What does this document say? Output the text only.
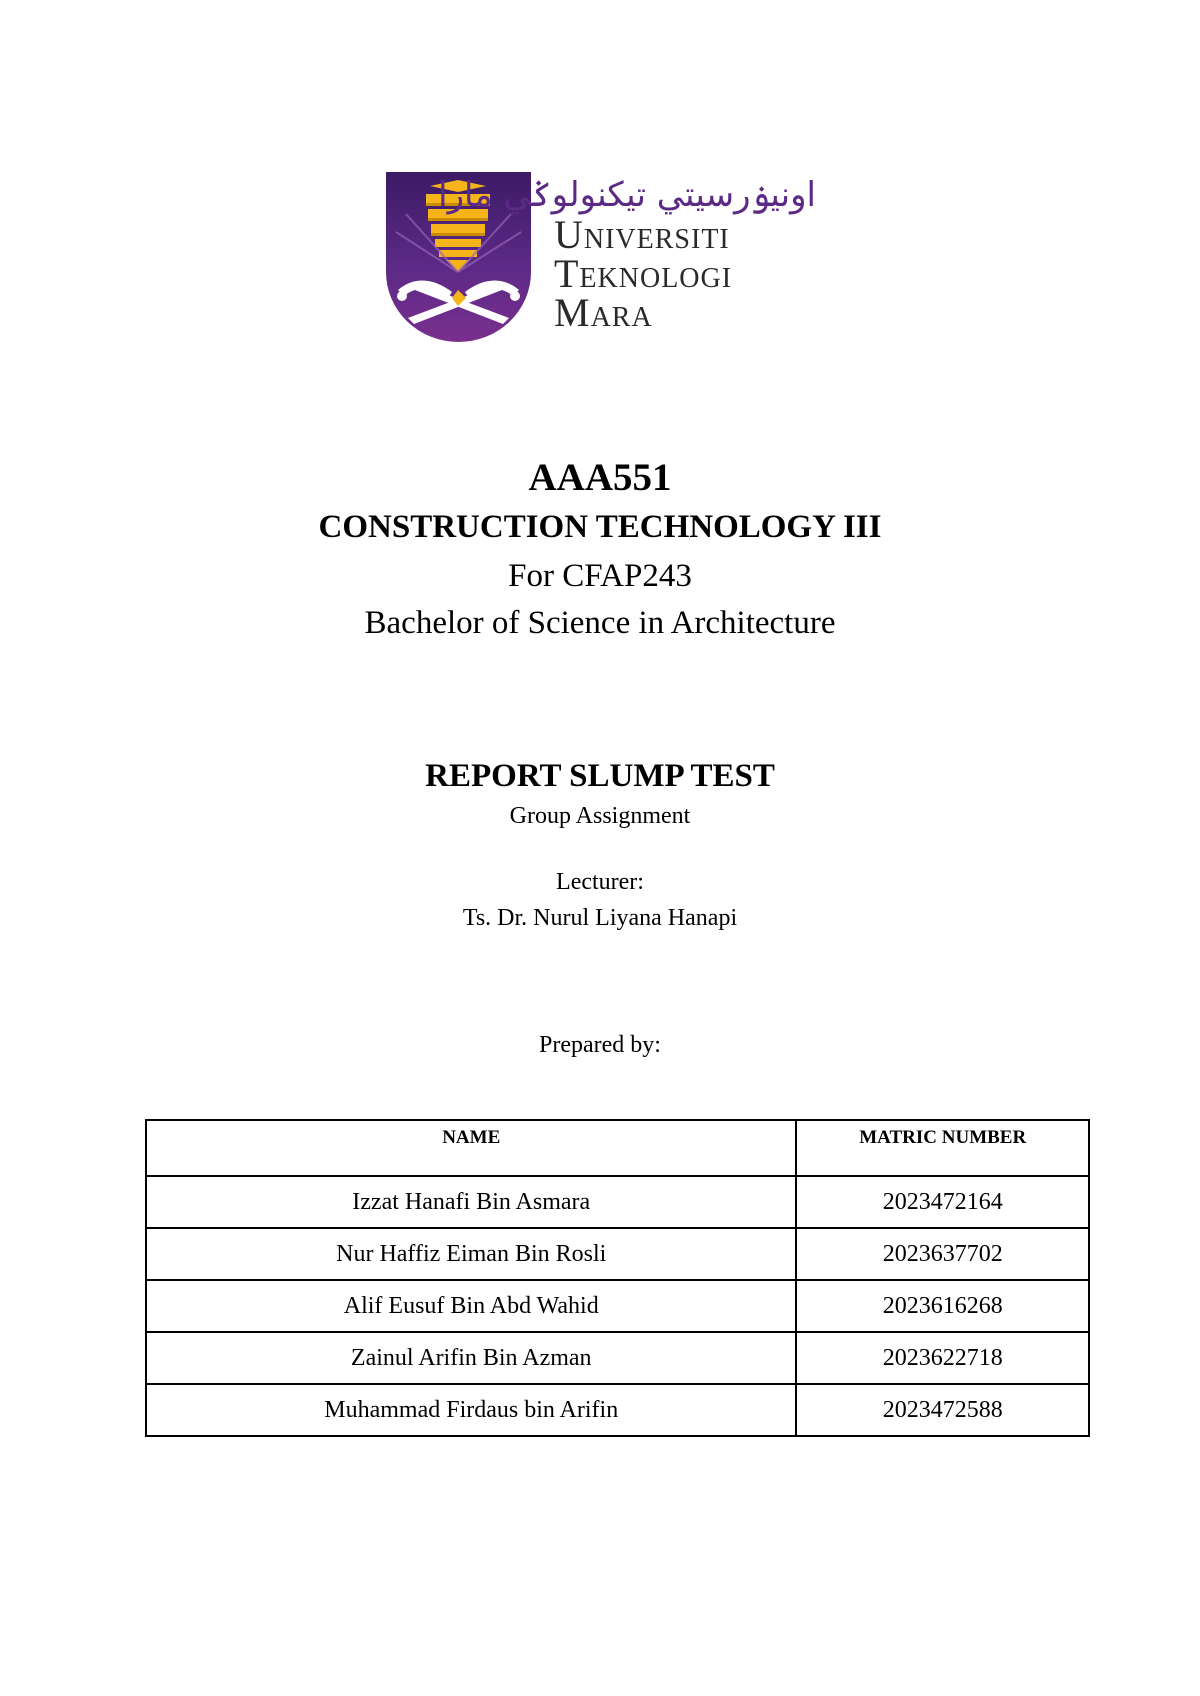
اونيۏرسيتي تيکنولوݢي مارا
Universiti
Teknologi
Mara
AAA551
CONSTRUCTION TECHNOLOGY III
For CFAP243
Bachelor of Science in Architecture
REPORT SLUMP TEST
Group Assignment
Lecturer:
Ts. Dr. Nurul Liyana Hanapi
Prepared by:
NAME	MATRIC NUMBER
Izzat Hanafi Bin Asmara	2023472164
Nur Haffiz Eiman Bin Rosli	2023637702
Alif Eusuf Bin Abd Wahid	2023616268
Zainul Arifin Bin Azman	2023622718
Muhammad Firdaus bin Arifin	2023472588
